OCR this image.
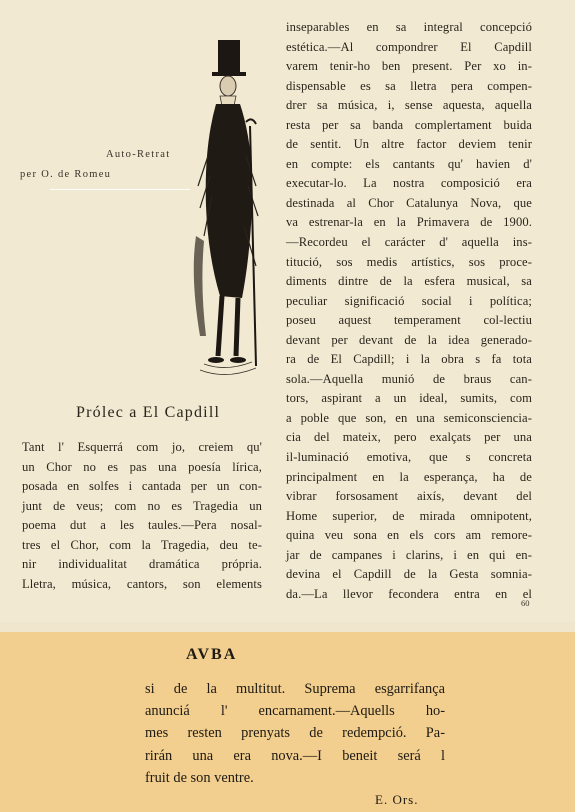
Auto-Retrat
per O. de Romeu
Prólec a El Capdill
Tant l' Esquerrá com jo, creiem qu'
un Chor no es pas una poesía lírica,
posada en solfes i cantada per un con-
junt de veus; com no es Tragedia un
poema dut a les taules.—Pera nosal-
tres el Chor, com la Tragedia, deu te-
nir individualitat dramática própria.
Lletra, música, cantors, son elements
inseparables en sa integral concepció
estética.—Al compondrer El Capdill
varem tenir-ho ben present. Per xo in-
dispensable es sa lletra pera compen-
drer sa música, i, sense aquesta, aquella
resta per sa banda complertament buida
de sentit. Un altre factor deviem tenir
en compte: els cantants qu' havien d'
executar-lo. La nostra composició era
destinada al Chor Catalunya Nova, que
va estrenar-la en la Primavera de 1900.
—Recordeu el carácter d' aquella ins-
titució, sos medis artístics, sos proce-
diments dintre de la esfera musical, sa
peculiar significació social i política;
poseu aquest temperament col-lectiu
devant per devant de la idea generado-
ra de El Capdill; i la obra s fa tota
sola.—Aquella munió de braus can-
tors, aspirant a un ideal, sumits, com
a poble que son, en una semiconsciencia-
cia del mateix, pero exalçats per una
il-luminació emotiva, que s concreta
principalment en la esperança, ha de
vibrar forsosament aixís, devant del
Home superior, de mirada omnipotent,
quina veu sona en els cors am remore-
jar de campanes i clarins, i en qui en-
devina el Capdill de la Gesta somnia-
da.—La llevor fecondera entra en el
60
AVBA
si de la multitut. Suprema esgarrifança
anunciá l' encarnament.—Aquells ho-
mes resten prenyats de redempció. Pa-
rirán una era nova.—I beneit será l
fruit de son ventre.
E. Ors.
